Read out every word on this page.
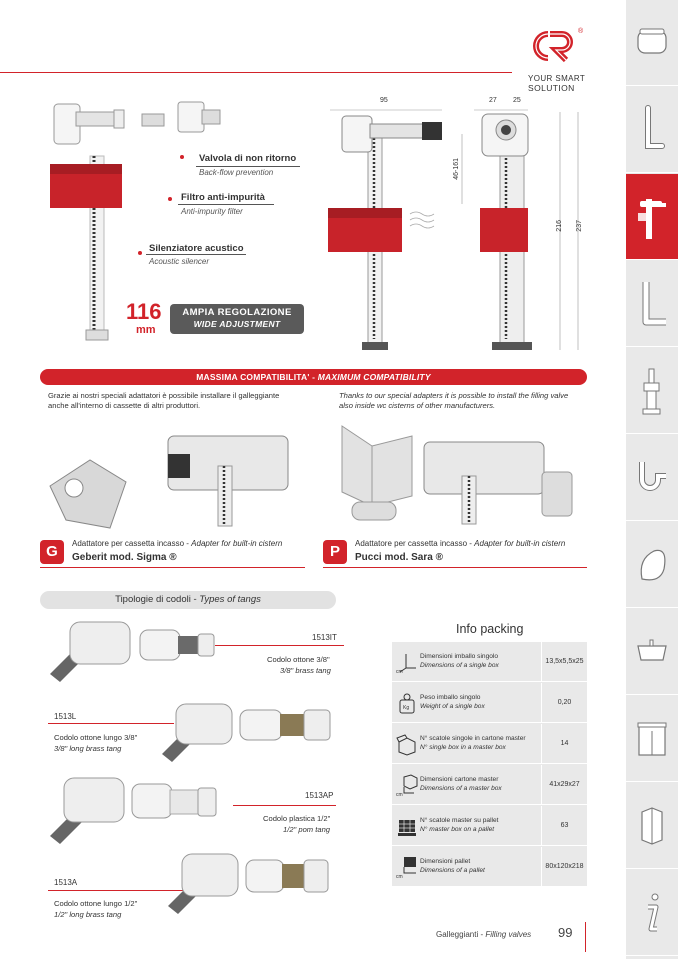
®
YOUR SMART
SOLUTION
Valvola di non ritorno
Back-flow prevention
Filtro anti-impurità
Anti-impurity filter
Silenziatore acustico
Acoustic silencer
116
mm
AMPIA REGOLAZIONE
WIDE ADJUSTMENT
95	27 25
46-161
216 237
MASSIMA COMPATIBILITA' - MAXIMUM COMPATIBILITY
Grazie ai nostri speciali adattatori è possibile installare il galleggiante
anche all'interno di cassette di altri produttori.
Thanks to our special adapters it is possible to install the filling valve
also inside wc cisterns of other manufacturers.
G	Adattatore per cassetta incasso - Adapter for built-in cistern
Geberit mod. Sigma ®	P	Adattatore per cassetta incasso - Adapter for built-in cistern
Pucci mod. Sara ®
Tipologie di codoli - Types of tangs
1513IT
Codolo ottone 3/8"
3/8" brass tang
1513L
Codolo ottone lungo 3/8"
3/8" long brass tang
1513AP
Codolo plastica 1/2"
1/2" pom tang
1513A
Codolo ottone lungo 1/2"
1/2" long brass tang
Info packing
cm
Dimensioni imballo singolo
Dimensions of a single box
13,5x5,5x25
Kg
Peso imballo singolo
Weight of a single box
0,20
N° scatole singole in cartone master
N° single box in a master box
14
cm
Dimensioni cartone master
Dimensions of a master box
41x29x27
N° scatole master su pallet
N° master box on a pallet
63
cm
Dimensioni pallet
Dimensions of a pallet
80x120x218
Galleggianti - Filling valves 99
